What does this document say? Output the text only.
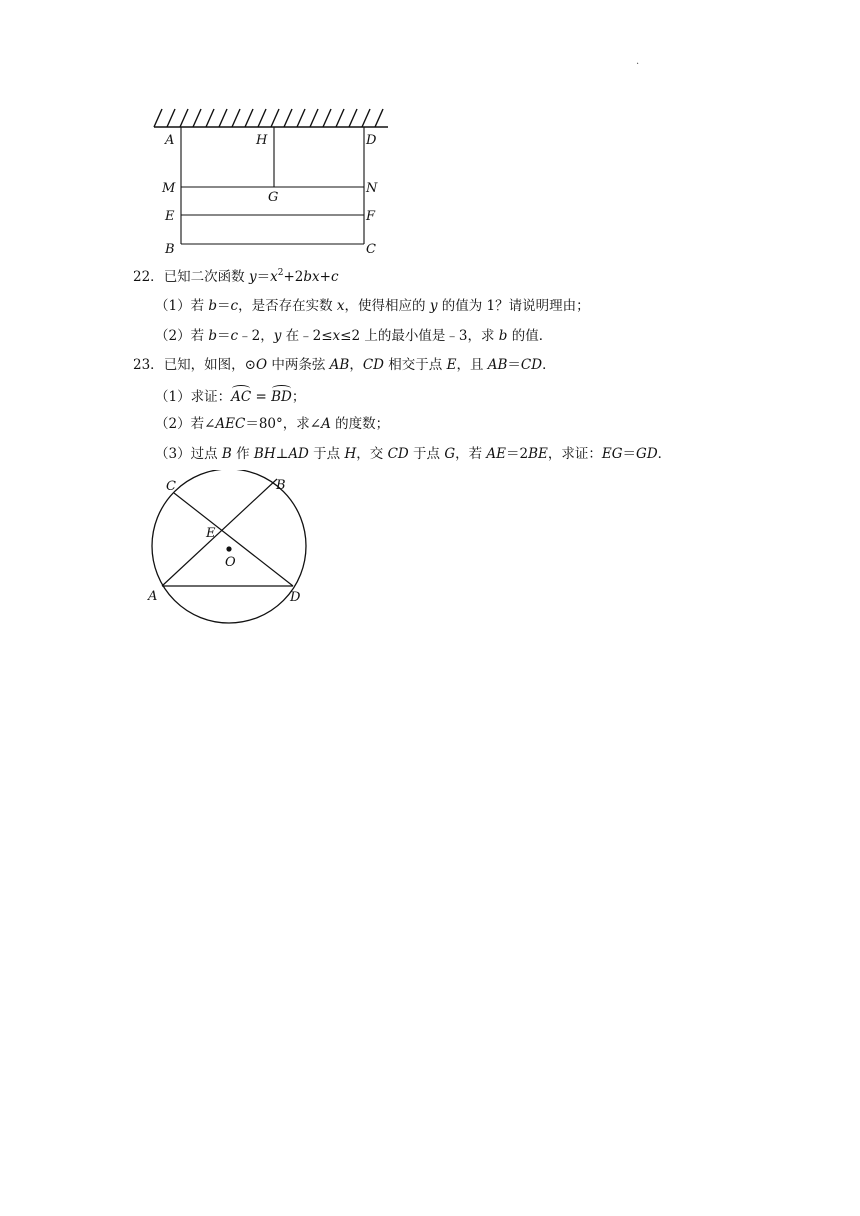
.
A	H	D
M
G
N
E	F
B	C
22．已知二次函数 $y=x^2+2bx+c$
（1）若 b＝c，是否存在实数 x，使得相应的 y 的值为 1？请说明理由；
（2）若 b＝c﹣2，y 在﹣2≤x≤2 上的最小值是﹣3，求 b 的值．
23．已知，如图，⊙O 中两条弦 AB，CD 相交于点 E，且 AB＝CD．
（1）求证：AC = BD；
（2）若∠AEC＝80°，求∠A 的度数；
（3）过点 B 作 BH⊥AD 于点 H，交 CD 于点 G，若 AE＝2BE，求证：EG＝GD．
C	B
E
O
A	D
